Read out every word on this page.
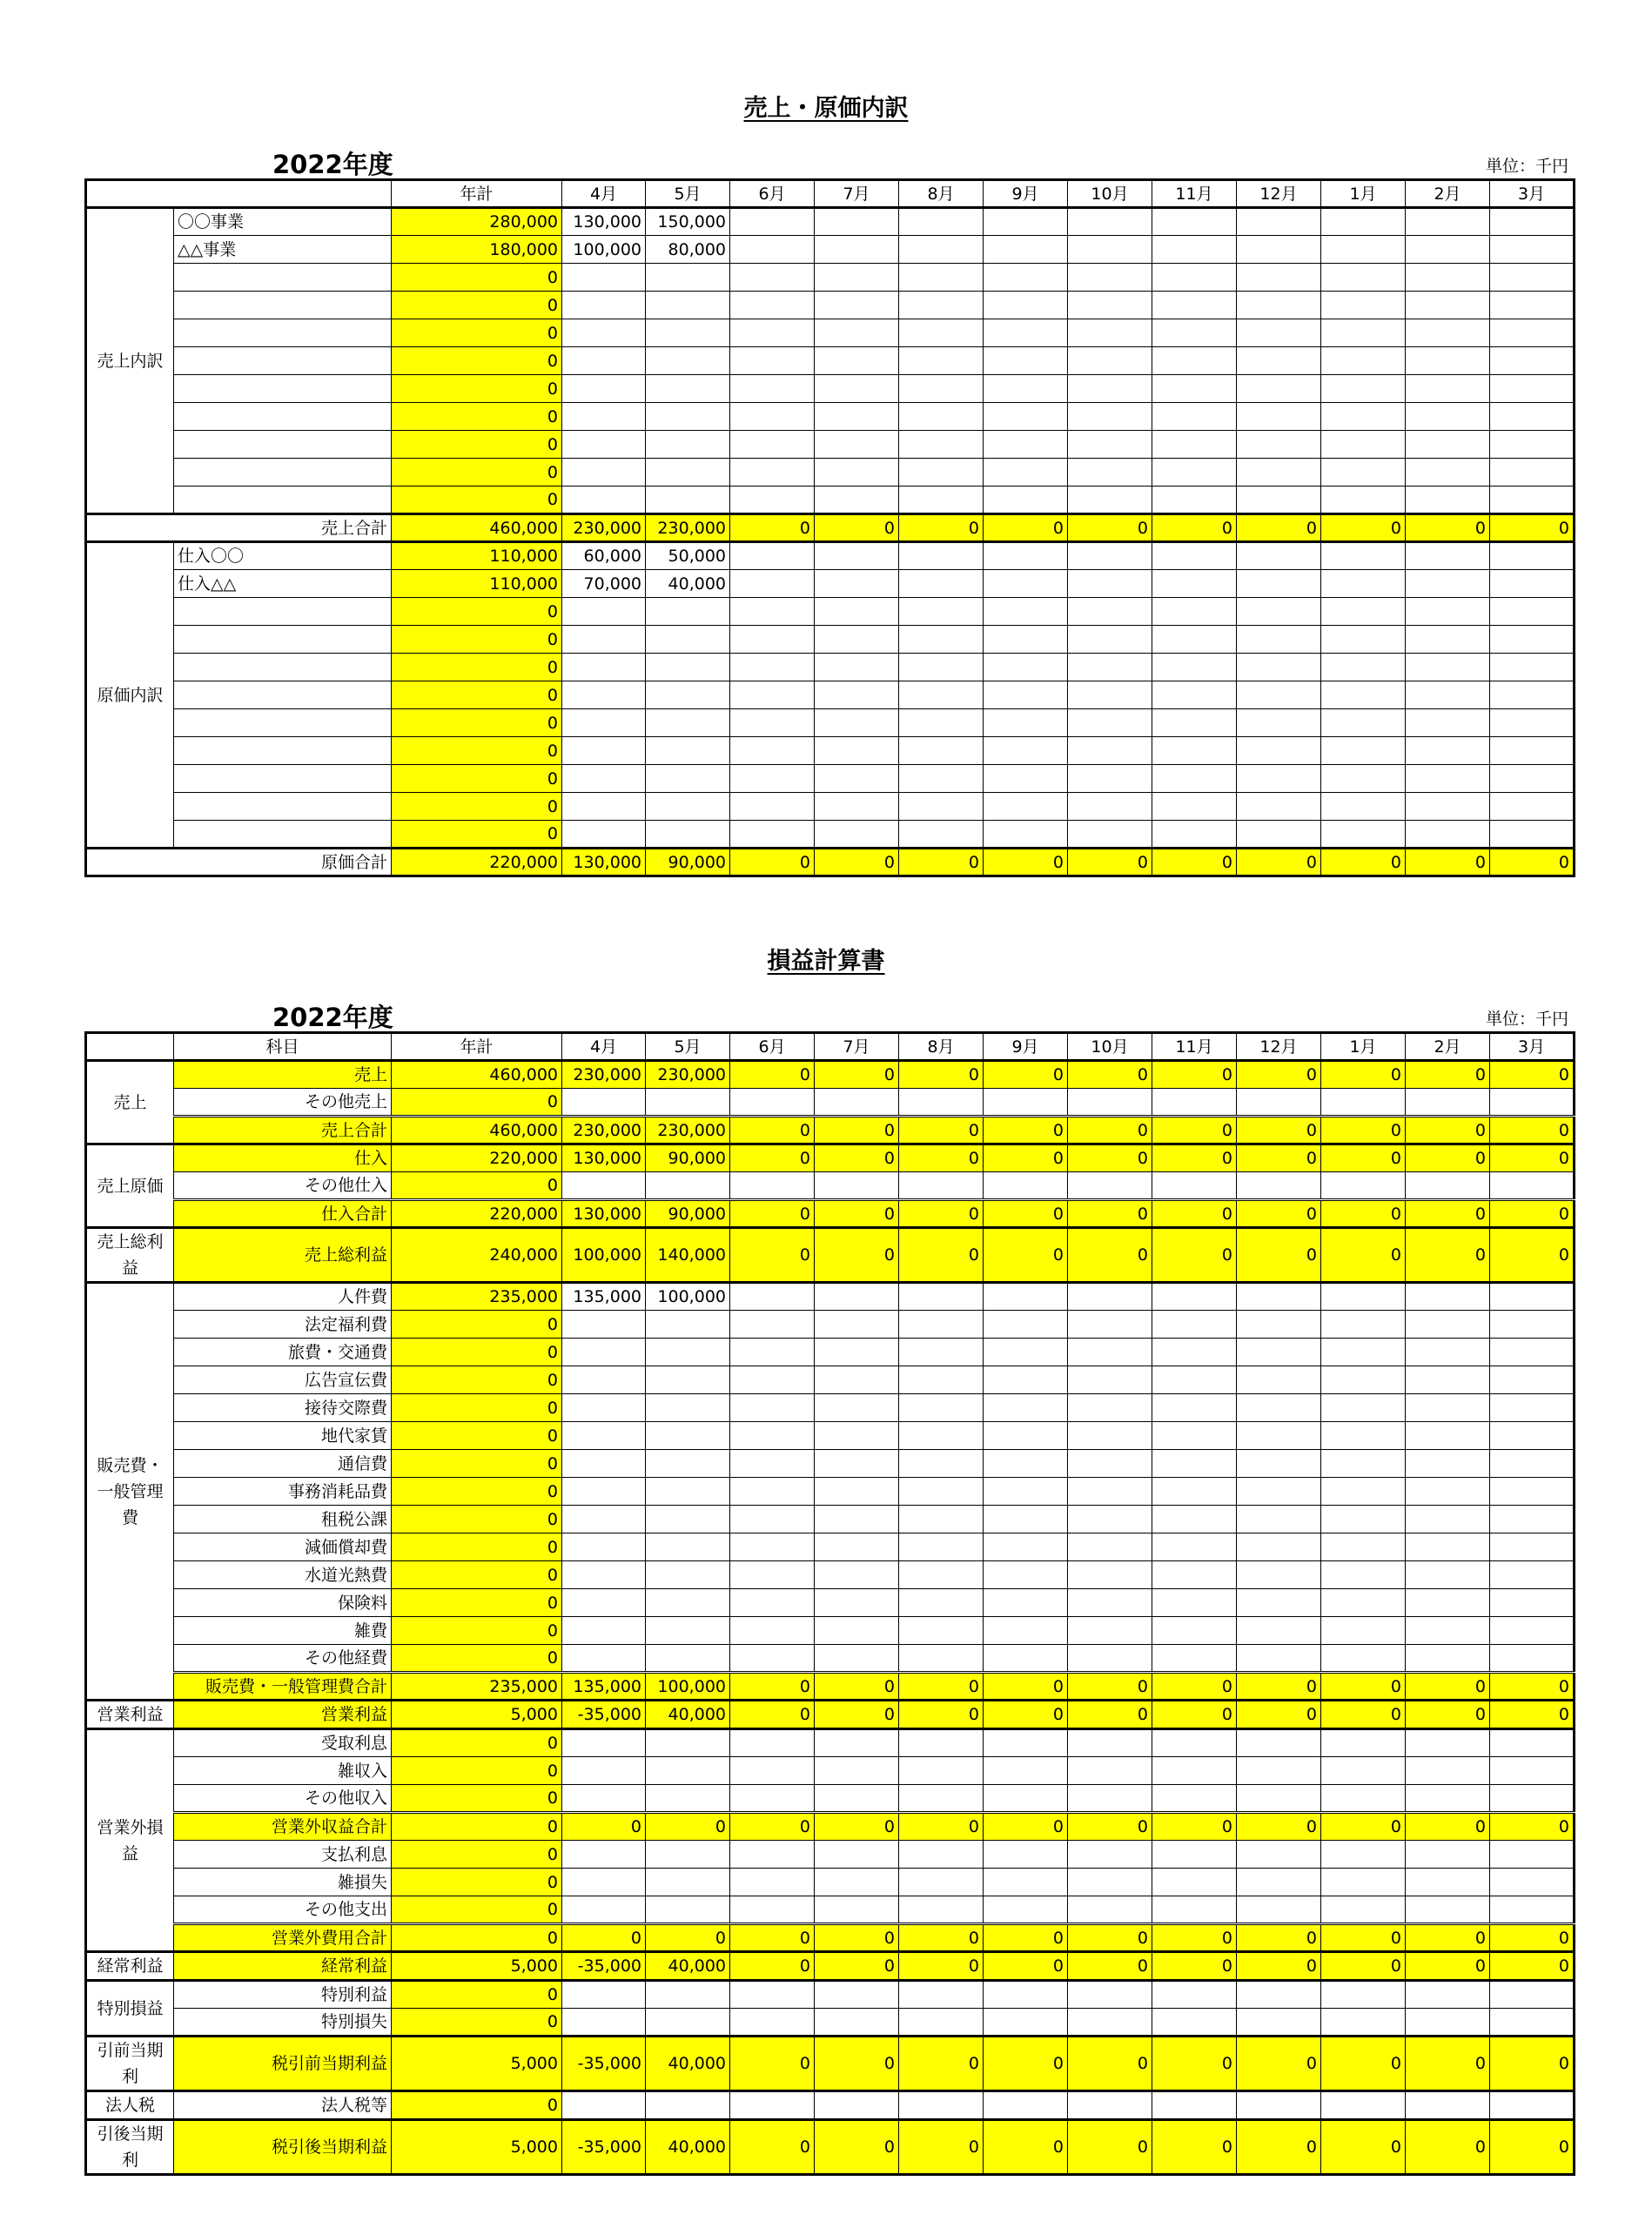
売上・原価内訳
2022年度	単位：千円
		年計	4月	5月	6月	7月	8月	9月	10月	11月	12月	1月	2月	3月
売上内訳	〇〇事業	280,000	130,000	150,000										
	△△事業	180,000	100,000	80,000										
		0												
		0												
		0												
		0												
		0												
		0												
		0												
		0												
		0												
売上合計		460,000	230,000	230,000	0	0	0	0	0	0	0	0	0	0
原価内訳	仕入〇〇	110,000	60,000	50,000										
	仕入△△	110,000	70,000	40,000										
		0												
		0												
		0												
		0												
		0												
		0												
		0												
		0												
		0												
原価合計		220,000	130,000	90,000	0	0	0	0	0	0	0	0	0	0
損益計算書
2022年度	単位：千円
	科目	年計	4月	5月	6月	7月	8月	9月	10月	11月	12月	1月	2月	3月
売上	売上	460,000	230,000	230,000	0	0	0	0	0	0	0	0	0	0
	その他売上	0												
	売上合計	460,000	230,000	230,000	0	0	0	0	0	0	0	0	0	0
売上原価	仕入	220,000	130,000	90,000	0	0	0	0	0	0	0	0	0	0
	その他仕入	0												
	仕入合計	220,000	130,000	90,000	0	0	0	0	0	0	0	0	0	0
売上総利益	売上総利益	240,000	100,000	140,000	0	0	0	0	0	0	0	0	0	0
販売費・一般管理費	人件費	235,000	135,000	100,000										
	法定福利費	0												
	旅費・交通費	0												
	広告宣伝費	0												
	接待交際費	0												
	地代家賃	0												
	通信費	0												
	事務消耗品費	0												
	租税公課	0												
	減価償却費	0												
	水道光熱費	0												
	保険料	0												
	雑費	0												
	その他経費	0												
	販売費・一般管理費合計	235,000	135,000	100,000	0	0	0	0	0	0	0	0	0	0
営業利益	営業利益	5,000	-35,000	40,000	0	0	0	0	0	0	0	0	0	0
営業外損益	受取利息	0												
	雑収入	0												
	その他収入	0												
	営業外収益合計	0	0	0	0	0	0	0	0	0	0	0	0	0
	支払利息	0												
	雑損失	0												
	その他支出	0												
	営業外費用合計	0	0	0	0	0	0	0	0	0	0	0	0	0
経常利益	経常利益	5,000	-35,000	40,000	0	0	0	0	0	0	0	0	0	0
特別損益	特別利益	0												
	特別損失	0												
引前当期利	税引前当期利益	5,000	-35,000	40,000	0	0	0	0	0	0	0	0	0	0
法人税	法人税等	0												
引後当期利	税引後当期利益	5,000	-35,000	40,000	0	0	0	0	0	0	0	0	0	0
